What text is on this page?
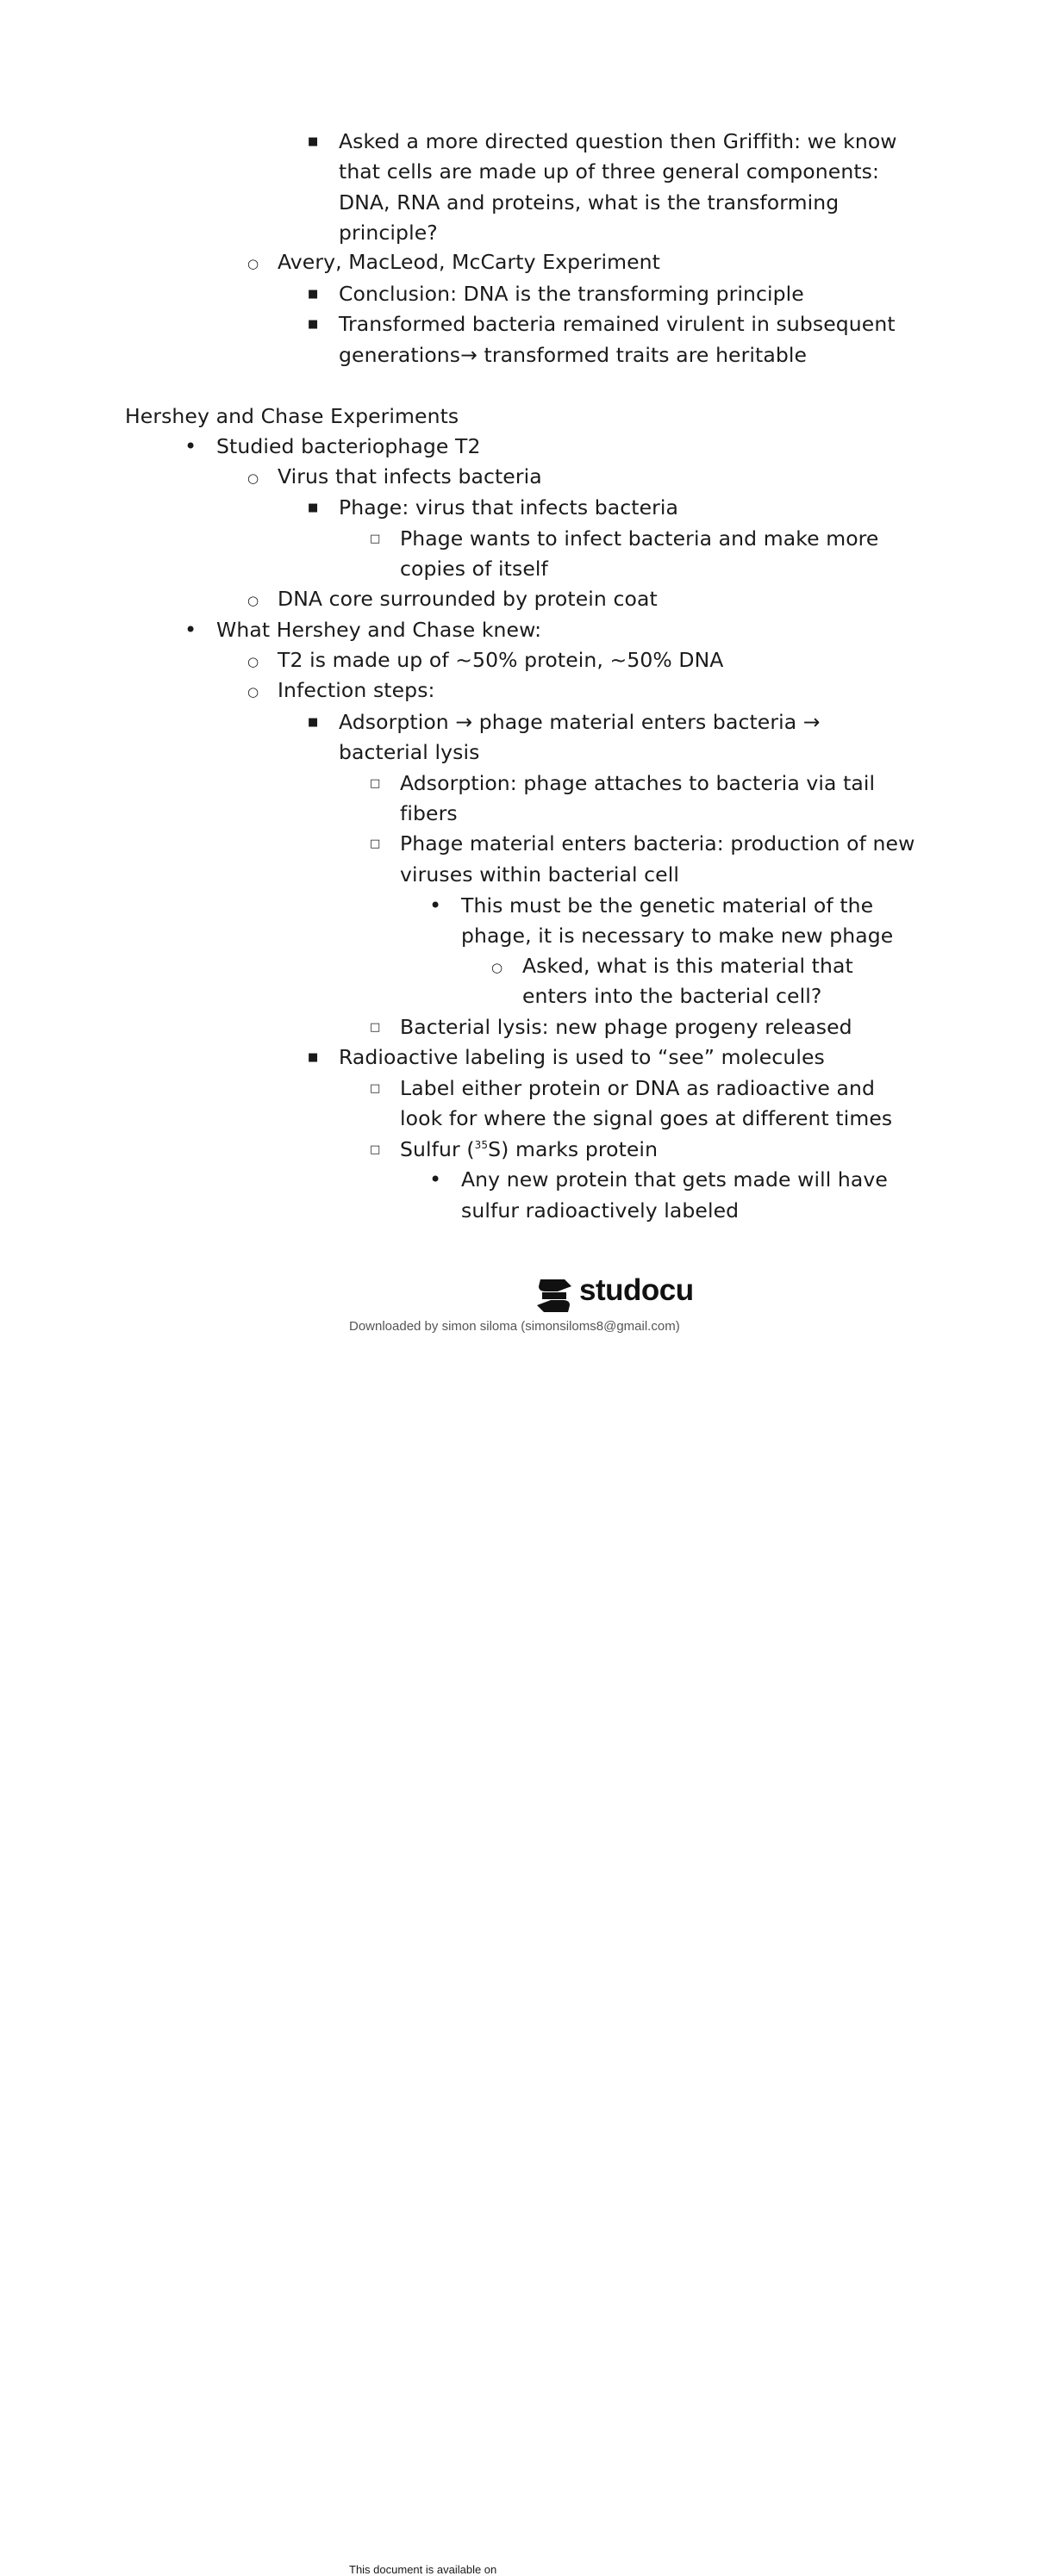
■ Asked a more directed question then Griffith: we know
that cells are made up of three general components:
DNA, RNA and proteins, what is the transforming
principle?
○ Avery, MacLeod, McCarty Experiment
■ Conclusion: DNA is the transforming principle
■ Transformed bacteria remained virulent in subsequent
generations→ transformed traits are heritable
Hershey and Chase Experiments
• Studied bacteriophage T2
○ Virus that infects bacteria
■ Phage: virus that infects bacteria
□ Phage wants to infect bacteria and make more
copies of itself
○ DNA core surrounded by protein coat
• What Hershey and Chase knew:
○ T2 is made up of ~50% protein, ~50% DNA
○ Infection steps:
■ Adsorption → phage material enters bacteria →
bacterial lysis
□ Adsorption: phage attaches to bacteria via tail
fibers
□ Phage material enters bacteria: production of new
viruses within bacterial cell
• This must be the genetic material of the
phage, it is necessary to make new phage
○ Asked, what is this material that
enters into the bacterial cell?
□ Bacterial lysis: new phage progeny released
■ Radioactive labeling is used to “see” molecules
□ Label either protein or DNA as radioactive and
look for where the signal goes at different times
□ Sulfur ($^{35}$S) marks protein
• Any new protein that gets made will have
sulfur radioactively labeled
This document is available on
studocu
Downloaded by simon siloma (simonsiloms8@gmail.com)
